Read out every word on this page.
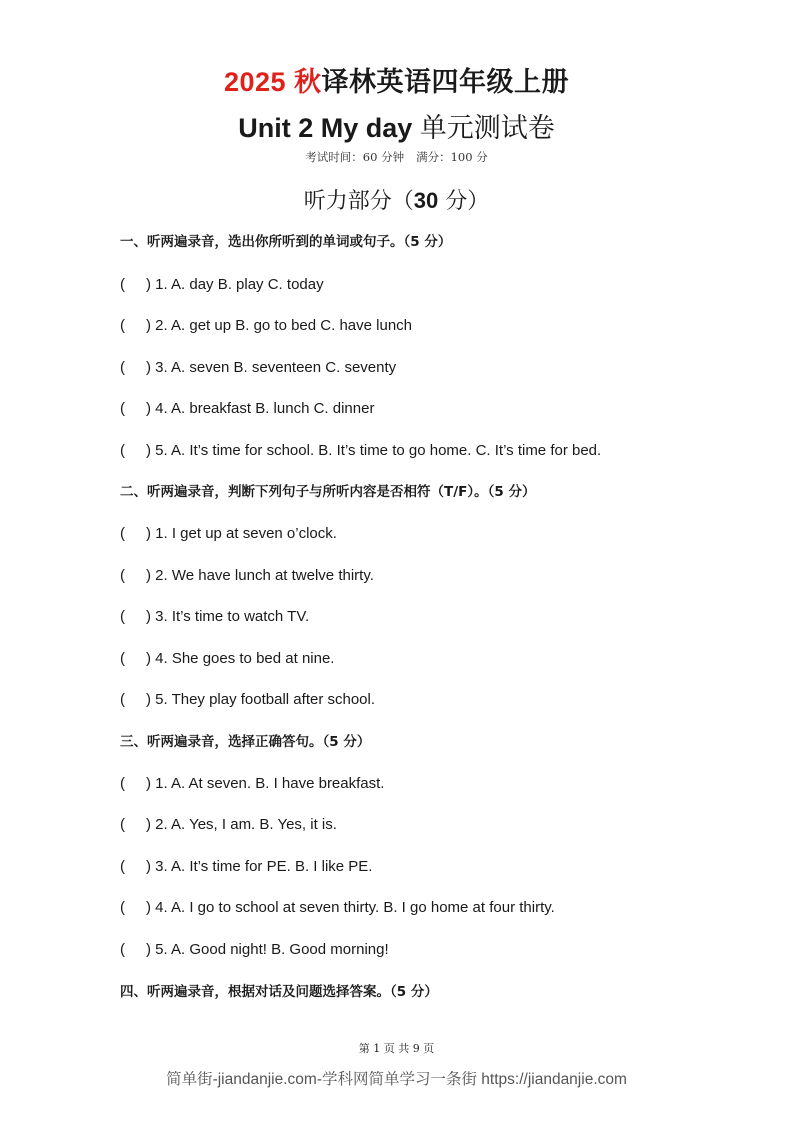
2025 秋译林英语四年级上册
Unit 2 My day 单元测试卷
考试时间：60 分钟 满分：100 分
听力部分（30 分）
一、听两遍录音，选出你所听到的单词或句子。（5 分）
( ) 1. A. day B. play C. today
( ) 2. A. get up B. go to bed C. have lunch
( ) 3. A. seven B. seventeen C. seventy
( ) 4. A. breakfast B. lunch C. dinner
( ) 5. A. It’s time for school. B. It’s time to go home. C. It’s time for bed.
二、听两遍录音，判断下列句子与所听内容是否相符（T/F）。（5 分）
( ) 1. I get up at seven o’clock.
( ) 2. We have lunch at twelve thirty.
( ) 3. It’s time to watch TV.
( ) 4. She goes to bed at nine.
( ) 5. They play football after school.
三、听两遍录音，选择正确答句。（5 分）
( ) 1. A. At seven. B. I have breakfast.
( ) 2. A. Yes, I am. B. Yes, it is.
( ) 3. A. It’s time for PE. B. I like PE.
( ) 4. A. I go to school at seven thirty. B. I go home at four thirty.
( ) 5. A. Good night! B. Good morning!
四、听两遍录音，根据对话及问题选择答案。（5 分）
第 1 页 共 9 页
简单街-jiandanjie.com-学科网简单学习一条街 https://jiandanjie.com
